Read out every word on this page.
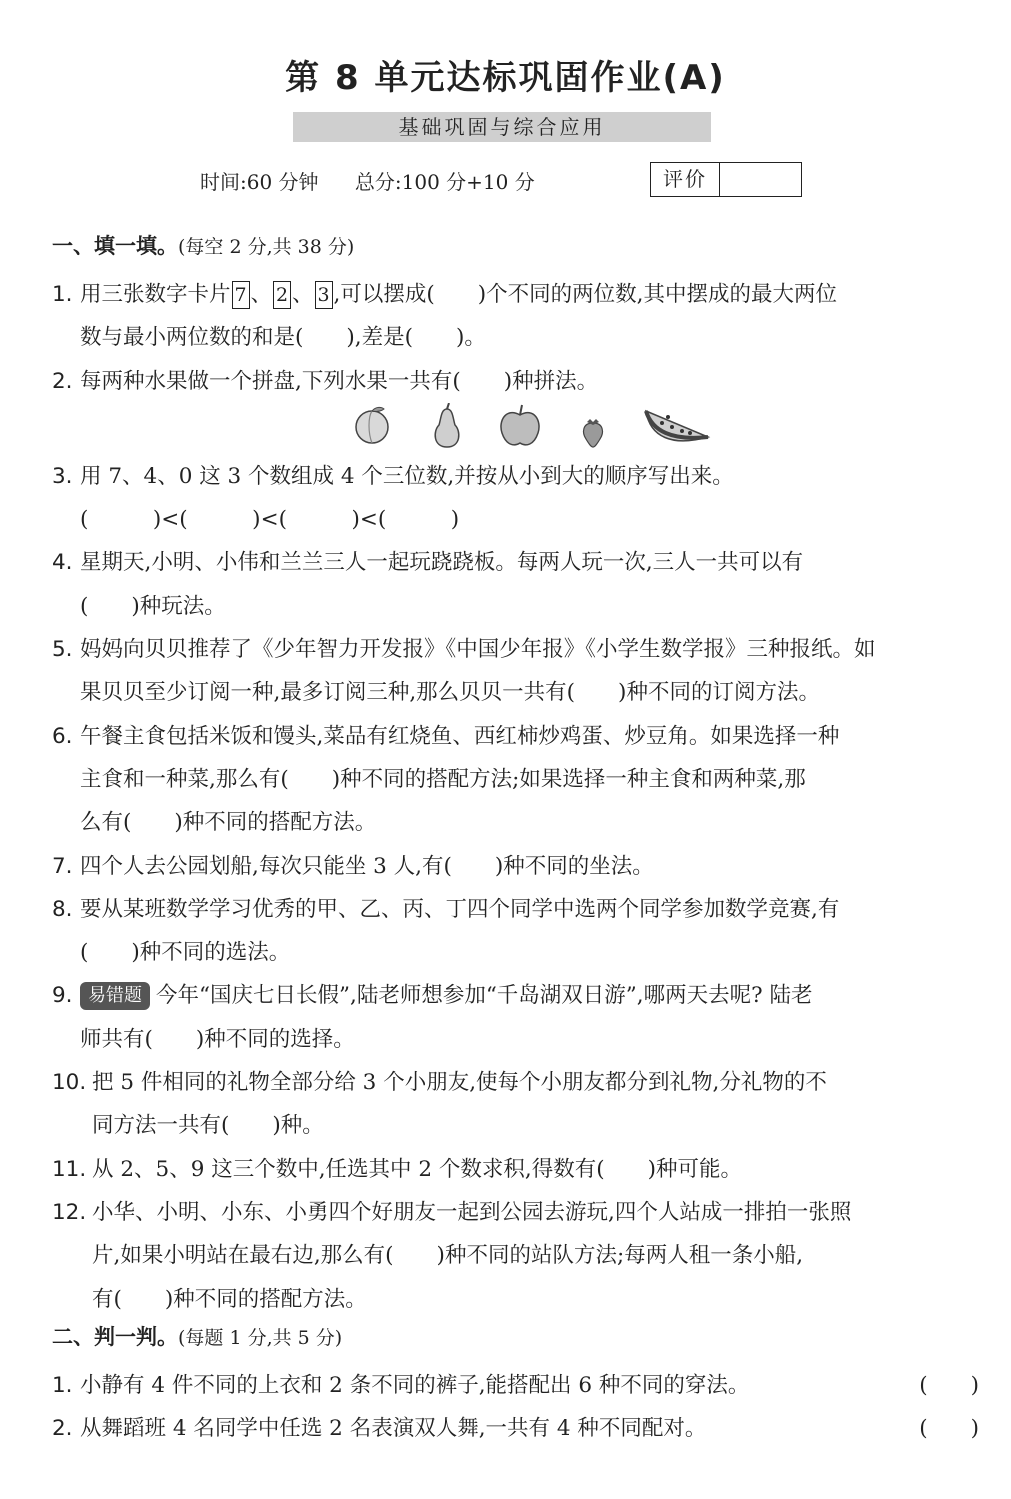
第 8 单元达标巩固作业(A)
基础巩固与综合应用
时间:60 分钟 总分:100 分+10 分	评价
一、填一填。(每空 2 分,共 38 分)
1. 用三张数字卡片 7 、 2 、 3 ,可以摆成(　　)个不同的两位数,其中摆成的最大两位
数与最小两位数的和是(　　),差是(　　)。
2. 每两种水果做一个拼盘,下列水果一共有(　　)种拼法。
3. 用 7、4、0 这 3 个数组成 4 个三位数,并按从小到大的顺序写出来。
(　　　)<(　　　)<(　　　)<(　　　)
4. 星期天,小明、小伟和兰兰三人一起玩跷跷板。每两人玩一次,三人一共可以有
(　　)种玩法。
5. 妈妈向贝贝推荐了《少年智力开发报》《中国少年报》《小学生数学报》三种报纸。如
果贝贝至少订阅一种,最多订阅三种,那么贝贝一共有(　　)种不同的订阅方法。
6. 午餐主食包括米饭和馒头,菜品有红烧鱼、西红柿炒鸡蛋、炒豆角。如果选择一种
主食和一种菜,那么有(　　)种不同的搭配方法;如果选择一种主食和两种菜,那
么有(　　)种不同的搭配方法。
7. 四个人去公园划船,每次只能坐 3 人,有(　　)种不同的坐法。
8. 要从某班数学学习优秀的甲、乙、丙、丁四个同学中选两个同学参加数学竞赛,有
(　　)种不同的选法。
9. 易错题 今年“国庆七日长假”,陆老师想参加“千岛湖双日游”,哪两天去呢? 陆老
师共有(　　)种不同的选择。
10. 把 5 件相同的礼物全部分给 3 个小朋友,使每个小朋友都分到礼物,分礼物的不
同方法一共有(　　)种。
11. 从 2、5、9 这三个数中,任选其中 2 个数求积,得数有(　　)种可能。
12. 小华、小明、小东、小勇四个好朋友一起到公园去游玩,四个人站成一排拍一张照
片,如果小明站在最右边,那么有(　　)种不同的站队方法;每两人租一条小船,
有(　　)种不同的搭配方法。
二、判一判。(每题 1 分,共 5 分)
1. 小静有 4 件不同的上衣和 2 条不同的裤子,能搭配出 6 种不同的穿法。	(　　)
2. 从舞蹈班 4 名同学中任选 2 名表演双人舞,一共有 4 种不同配对。	(　　)
